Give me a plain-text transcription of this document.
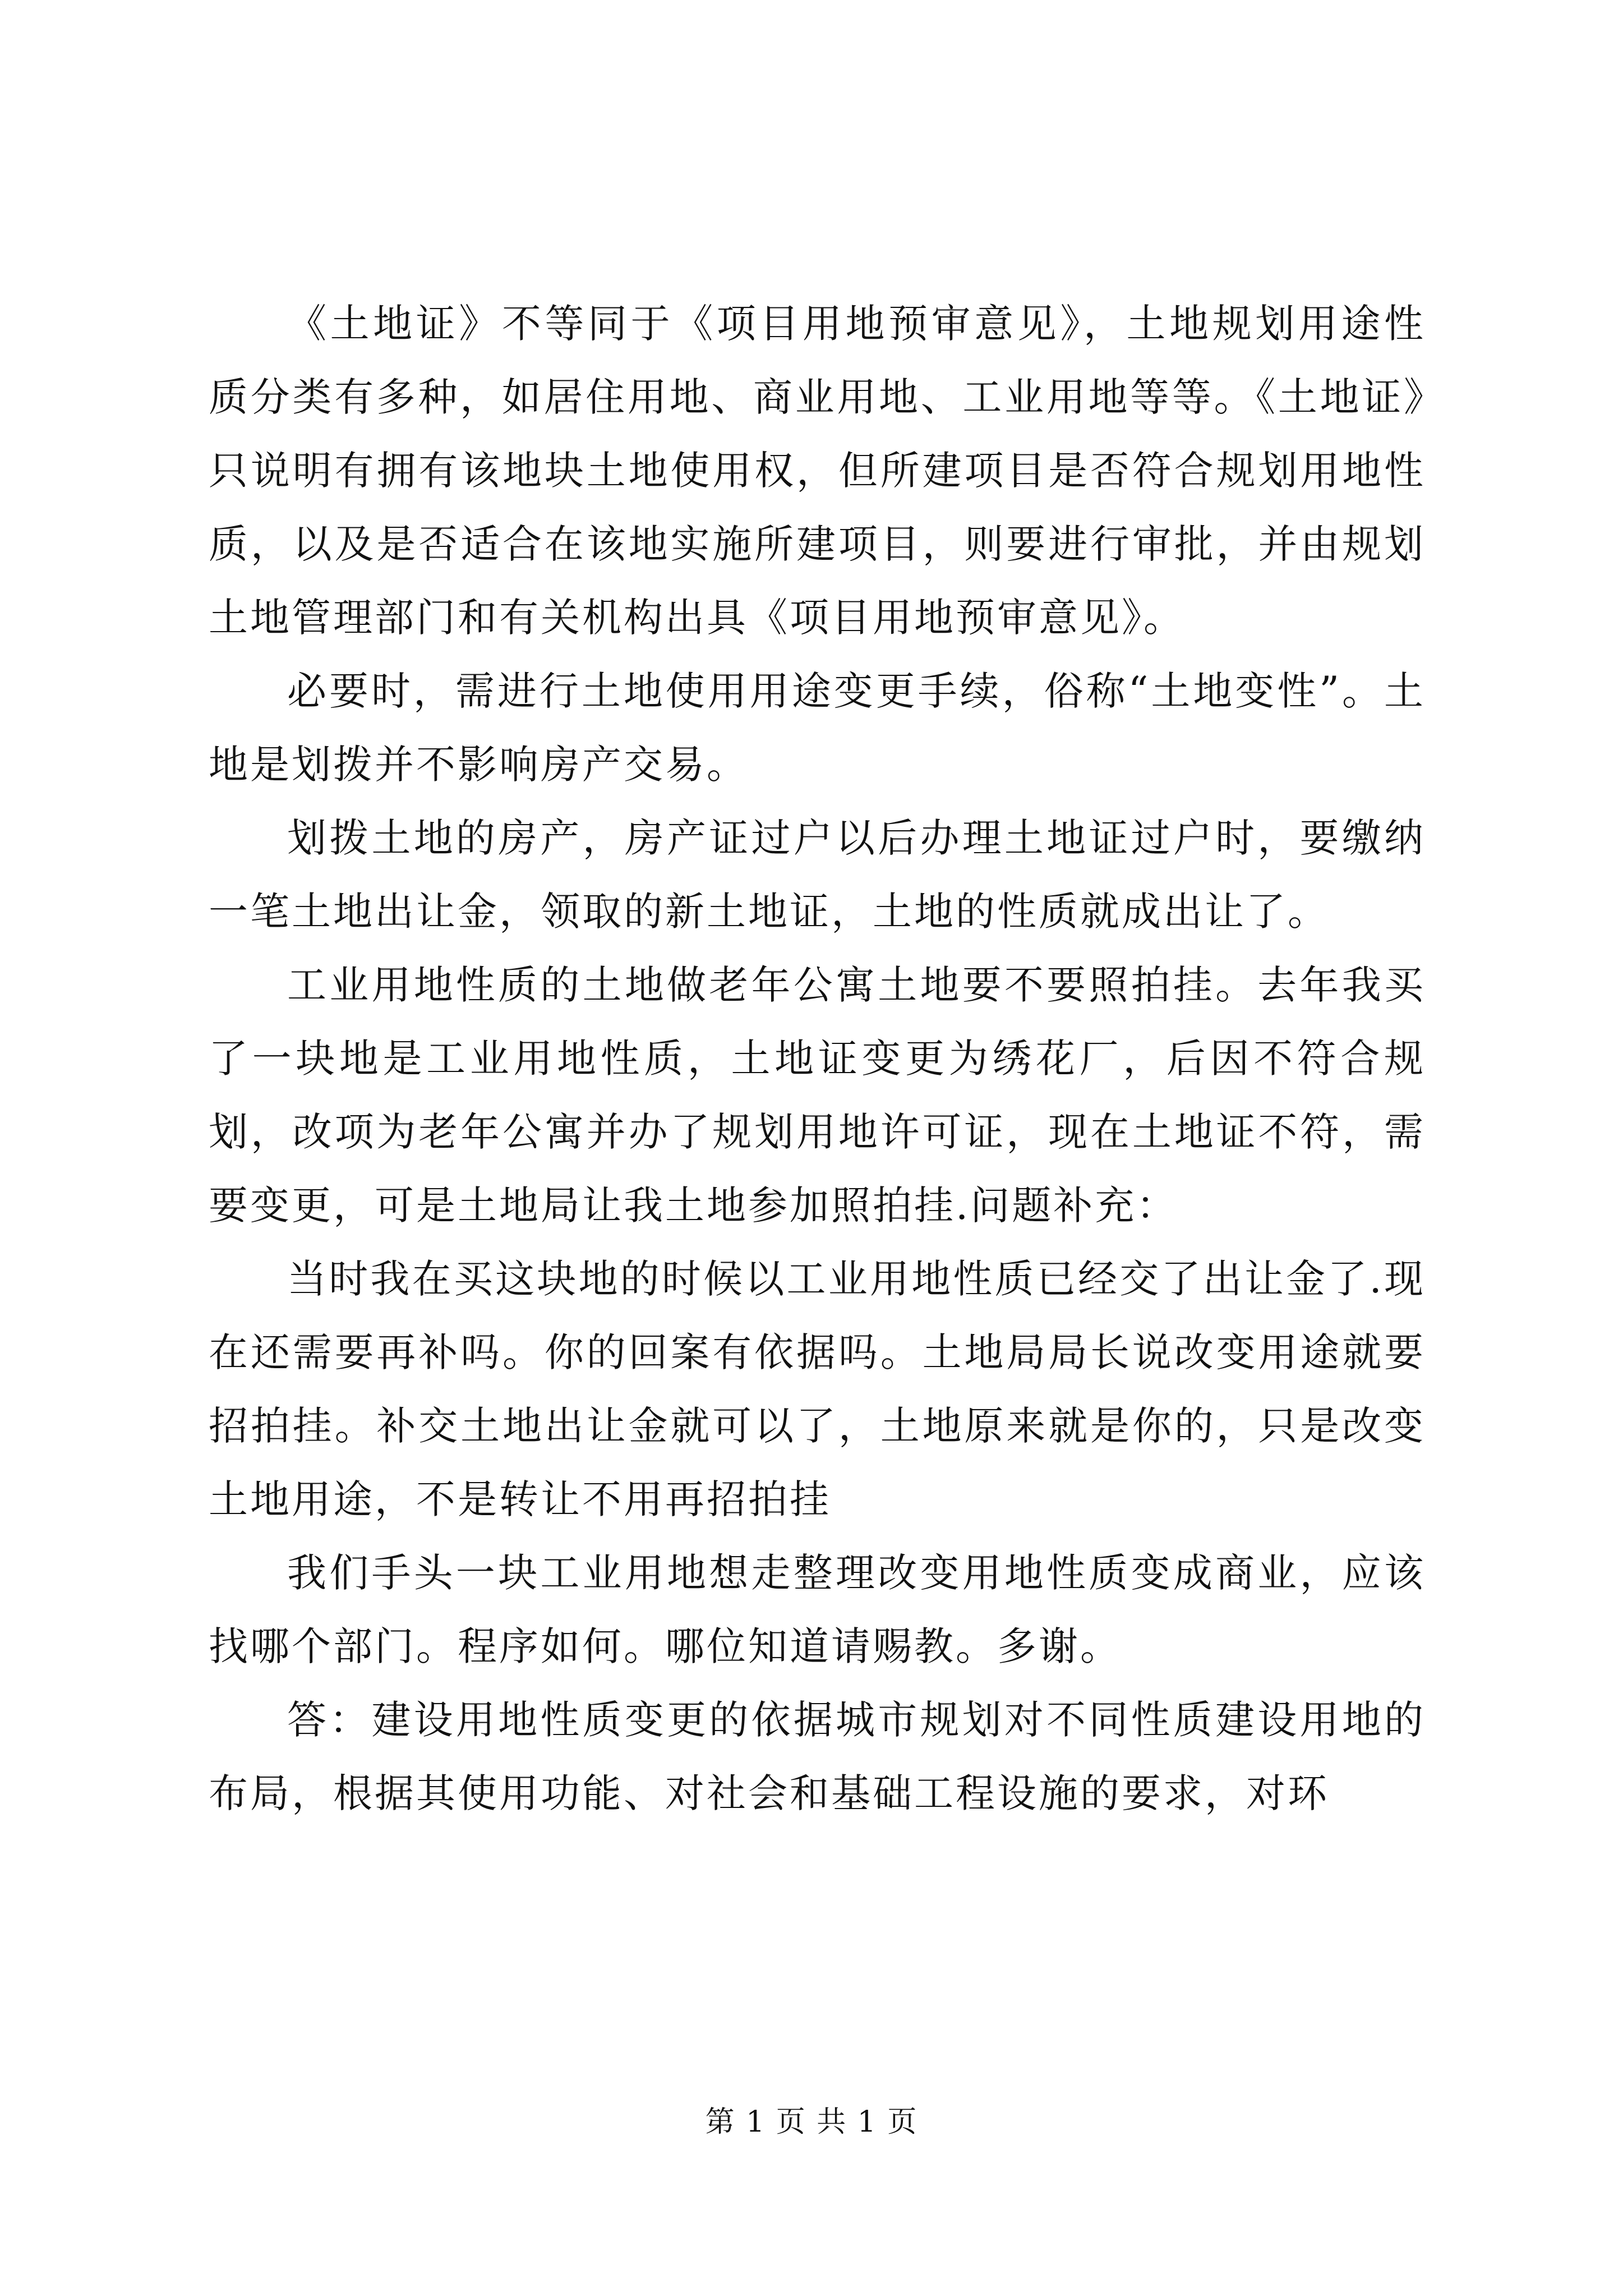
《土地证》不等同于《项目用地预审意见》，土地规划用途性质分类有多种，如居住用地、商业用地、工业用地等等。《土地证》只说明有拥有该地块土地使用权，但所建项目是否符合规划用地性质，以及是否适合在该地实施所建项目，则要进行审批，并由规划土地管理部门和有关机构出具《项目用地预审意见》。

必要时，需进行土地使用用途变更手续，俗称“土地变性”。土地是划拨并不影响房产交易。

划拨土地的房产，房产证过户以后办理土地证过户时，要缴纳一笔土地出让金，领取的新土地证，土地的性质就成出让了。

工业用地性质的土地做老年公寓土地要不要照拍挂。去年我买了一块地是工业用地性质，土地证变更为绣花厂，后因不符合规划，改项为老年公寓并办了规划用地许可证，现在土地证不符，需要变更，可是土地局让我土地参加照拍挂.问题补充：

当时我在买这块地的时候以工业用地性质已经交了出让金了.现在还需要再补吗。你的回案有依据吗。土地局局长说改变用途就要招拍挂。补交土地出让金就可以了，土地原来就是你的，只是改变土地用途，不是转让不用再招拍挂

我们手头一块工业用地想走整理改变用地性质变成商业，应该找哪个部门。程序如何。哪位知道请赐教。多谢。

答：建设用地性质变更的依据城市规划对不同性质建设用地的布局，根据其使用功能、对社会和基础工程设施的要求，对环

第 1 页 共 1 页
